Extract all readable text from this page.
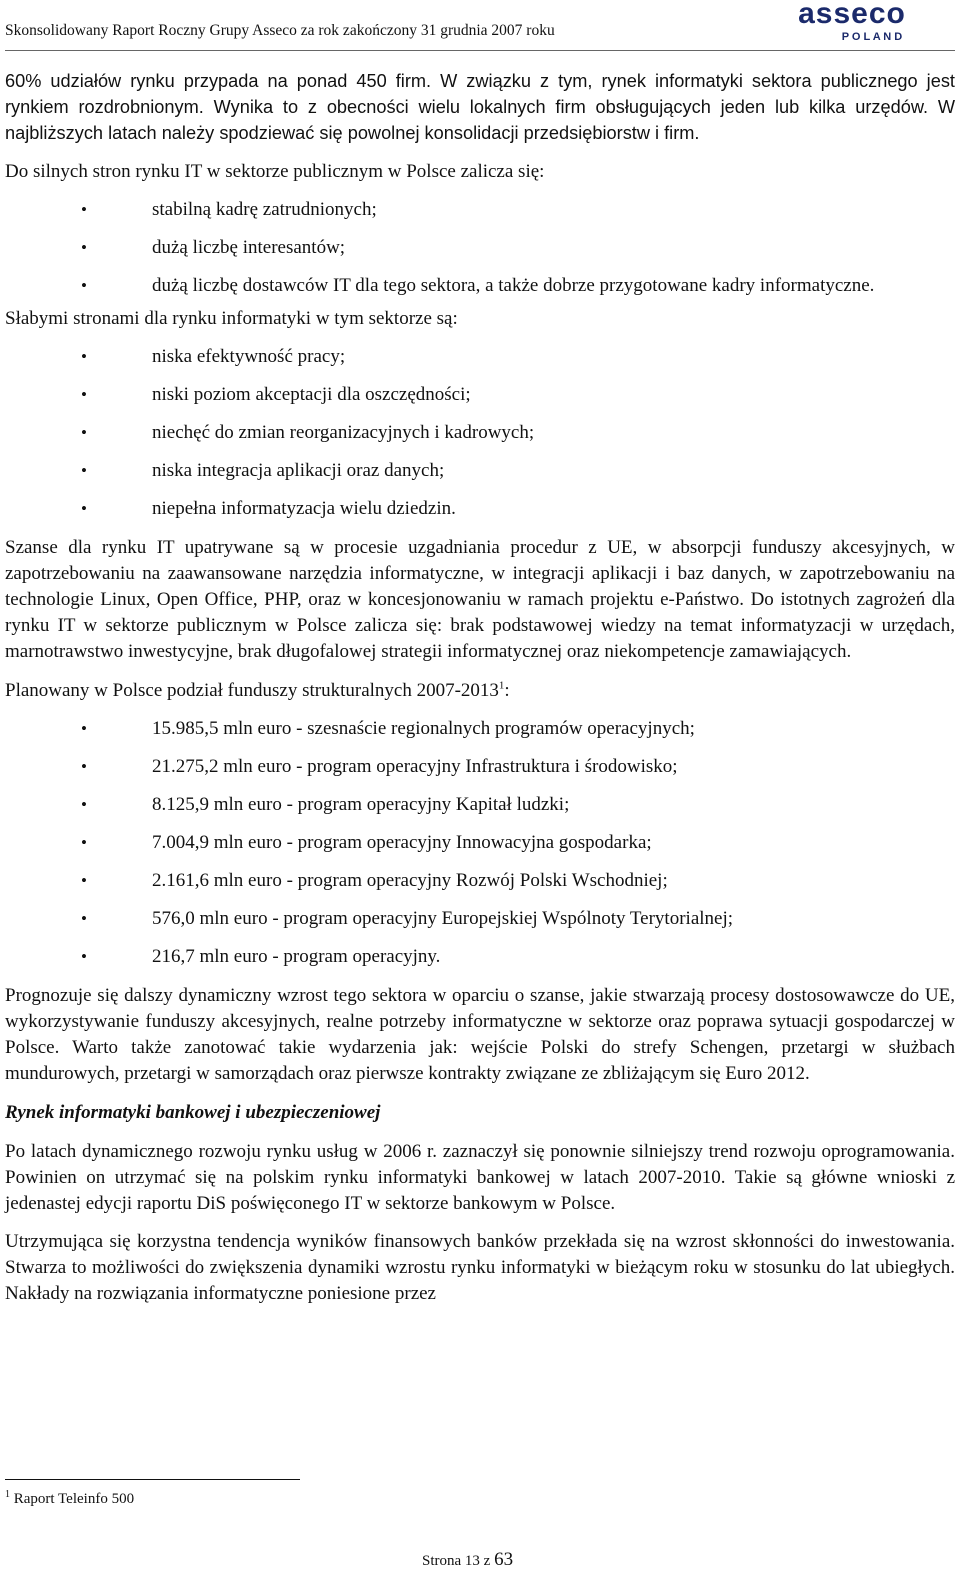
Skonsolidowany Raport Roczny Grupy Asseco za rok zakończony 31 grudnia 2007 roku
asseco
P O L A N D

60% udziałów rynku przypada na ponad 450 firm. W związku z tym, rynek informatyki sektora publicznego jest rynkiem rozdrobnionym. Wynika to z obecności wielu lokalnych firm obsługujących jeden lub kilka urzędów. W najbliższych latach należy spodziewać się powolnej konsolidacji przedsiębiorstw i firm.

Do silnych stron rynku IT w sektorze publicznym w Polsce zalicza się:

•	stabilną kadrę zatrudnionych;
•	dużą liczbę interesantów;
•	dużą liczbę dostawców IT dla tego sektora, a także dobrze przygotowane kadry informatyczne.

Słabymi stronami dla rynku informatyki w tym sektorze są:

•	niska efektywność pracy;
•	niski poziom akceptacji dla oszczędności;
•	niechęć do zmian reorganizacyjnych i kadrowych;
•	niska integracja aplikacji oraz danych;
•	niepełna informatyzacja wielu dziedzin.

Szanse dla rynku IT upatrywane są w procesie uzgadniania procedur z UE, w absorpcji funduszy akcesyjnych, w zapotrzebowaniu na zaawansowane narzędzia informatyczne, w integracji aplikacji i baz danych, w zapotrzebowaniu na technologie Linux, Open Office, PHP, oraz w koncesjonowaniu w ramach projektu e-Państwo. Do istotnych zagrożeń dla rynku IT w sektorze publicznym w Polsce zalicza się: brak podstawowej wiedzy na temat informatyzacji w urzędach, marnotrawstwo inwestycyjne, brak długofalowej strategii informatycznej oraz niekompetencje zamawiających.

Planowany w Polsce podział funduszy strukturalnych 2007-2013$^1$:

•	15.985,5 mln euro - szesnaście regionalnych programów operacyjnych;
•	21.275,2 mln euro - program operacyjny Infrastruktura i środowisko;
•	8.125,9 mln euro - program operacyjny Kapitał ludzki;
•	7.004,9 mln euro - program operacyjny Innowacyjna gospodarka;
•	2.161,6 mln euro - program operacyjny Rozwój Polski Wschodniej;
•	576,0 mln euro - program operacyjny Europejskiej Wspólnoty Terytorialnej;
•	216,7 mln euro - program operacyjny.

Prognozuje się dalszy dynamiczny wzrost tego sektora w oparciu o szanse, jakie stwarzają procesy dostosowawcze do UE, wykorzystywanie funduszy akcesyjnych, realne potrzeby informatyczne w sektorze oraz poprawa sytuacji gospodarczej w Polsce. Warto także zanotować takie wydarzenia jak: wejście Polski do strefy Schengen, przetargi w służbach mundurowych, przetargi w samorządach oraz pierwsze kontrakty związane ze zbliżającym się Euro 2012.

Rynek informatyki bankowej i ubezpieczeniowej

Po latach dynamicznego rozwoju rynku usług w 2006 r. zaznaczył się ponownie silniejszy trend rozwoju oprogramowania. Powinien on utrzymać się na polskim rynku informatyki bankowej w latach 2007-2010. Takie są główne wnioski z jedenastej edycji raportu DiS poświęconego IT w sektorze bankowym w Polsce.

Utrzymująca się korzystna tendencja wyników finansowych banków przekłada się na wzrost skłonności do inwestowania. Stwarza to możliwości do zwiększenia dynamiki wzrostu rynku informatyki w bieżącym roku w stosunku do lat ubiegłych. Nakłady na rozwiązania informatyczne poniesione przez

$^1$ Raport Teleinfo 500
Strona 13 z 63
